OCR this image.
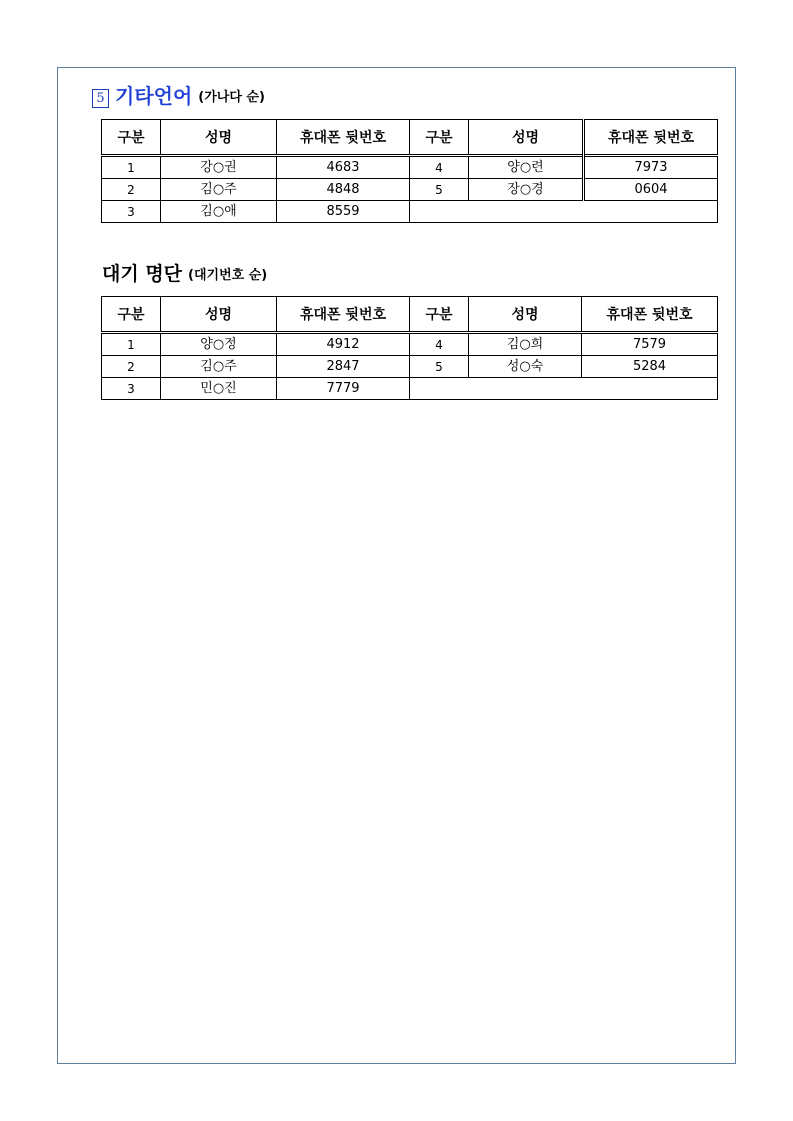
5 기타언어 (가나다 순)
구분	성명	휴대폰 뒷번호	구분	성명	휴대폰 뒷번호
1	강○권	4683	4	양○련	7973
2	김○주	4848	5	장○경	0604
3	김○애	8559			
대기 명단 (대기번호 순)
구분	성명	휴대폰 뒷번호	구분	성명	휴대폰 뒷번호
1	양○정	4912	4	김○희	7579
2	김○주	2847	5	성○숙	5284
3	민○진	7779			
